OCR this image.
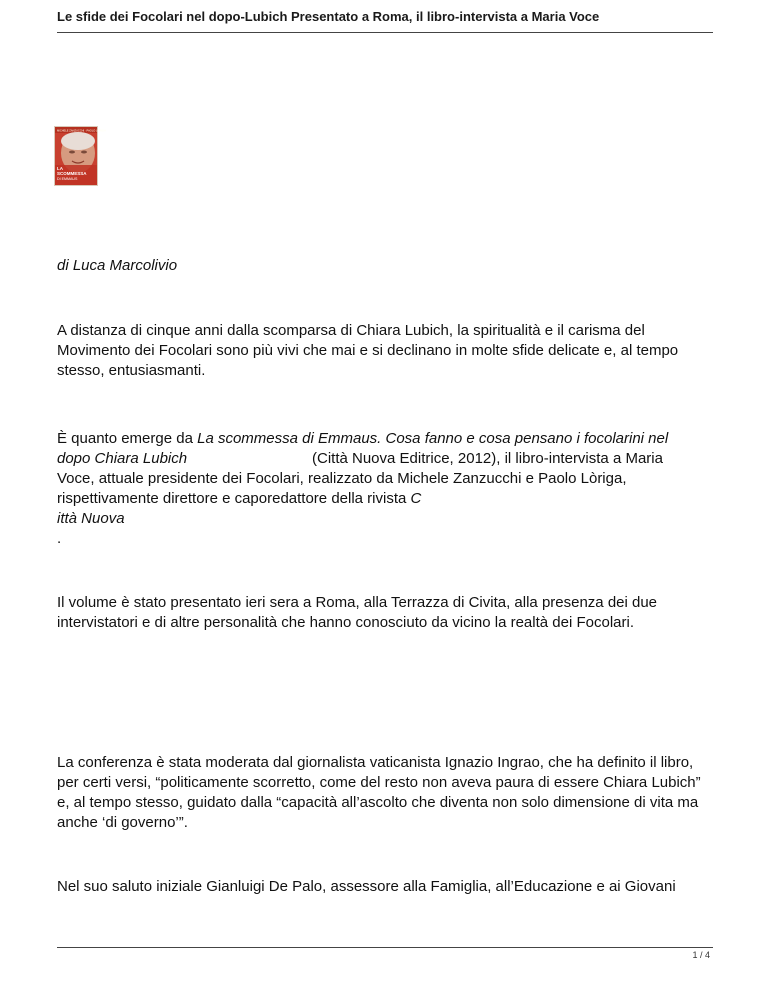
Le sfide dei Focolari nel dopo-Lubich Presentato a Roma, il libro-intervista a Maria Voce
MICHELE ZANZUCCHI · PAOLO LÒRIGA
LA
SCOMMESSA
DI EMMAUS
di Luca Marcolivio

A distanza di cinque anni dalla scomparsa di Chiara Lubich, la spiritualità e il carisma del Movimento dei Focolari sono più vivi che mai e si declinano in molte sfide delicate e, al tempo stesso, entusiasmanti.

È quanto emerge da La scommessa di Emmaus. Cosa fanno e cosa pensano i focolarini nel
dopo Chiara Lubich	(Città Nuova Editrice, 2012), il libro-intervista a Maria
Voce, attuale presidente dei Focolari, realizzato da Michele Zanzucchi e Paolo Lòriga,
rispettivamente direttore e caporedattore della rivista C
ittà Nuova
.

Il volume è stato presentato ieri sera a Roma, alla Terrazza di Civita, alla presenza dei due intervistatori e di altre personalità che hanno conosciuto da vicino la realtà dei Focolari.

La conferenza è stata moderata dal giornalista vaticanista Ignazio Ingrao, che ha definito il libro, per certi versi, “politicamente scorretto, come del resto non aveva paura di essere Chiara Lubich” e, al tempo stesso, guidato dalla “capacità all’ascolto che diventa non solo dimensione di vita ma anche ‘di governo’”.

Nel suo saluto iniziale Gianluigi De Palo, assessore alla Famiglia, all’Educazione e ai Giovani

1 / 4
